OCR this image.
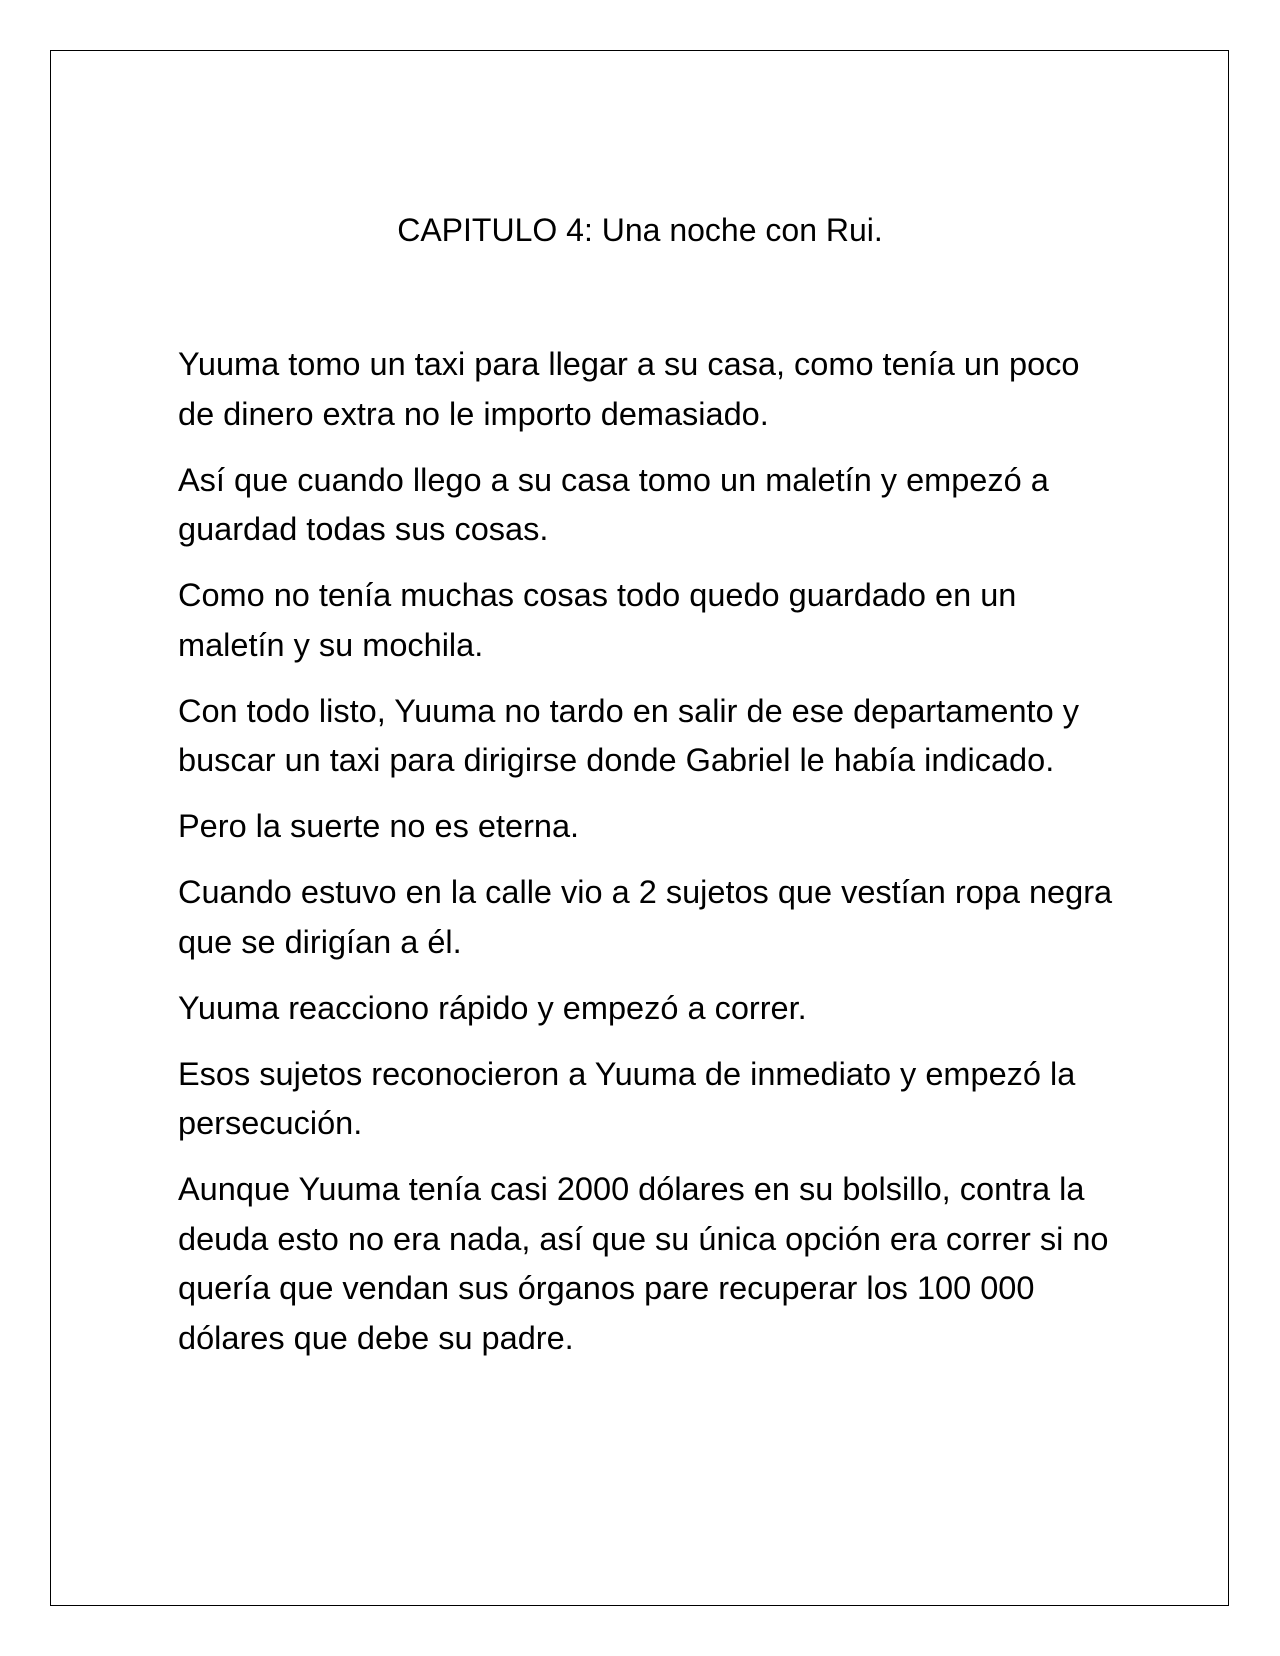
CAPITULO 4: Una noche con Rui.

Yuuma tomo un taxi para llegar a su casa, como tenía un poco de dinero extra no le importo demasiado.

Así que cuando llego a su casa tomo un maletín y empezó a guardad todas sus cosas.

Como no tenía muchas cosas todo quedo guardado en un maletín y su mochila.

Con todo listo, Yuuma no tardo en salir de ese departamento y buscar un taxi para dirigirse donde Gabriel le había indicado.

Pero la suerte no es eterna.

Cuando estuvo en la calle vio a 2 sujetos que vestían ropa negra que se dirigían a él.

Yuuma reacciono rápido y empezó a correr.

Esos sujetos reconocieron a Yuuma de inmediato y empezó la persecución.

Aunque Yuuma tenía casi 2000 dólares en su bolsillo, contra la deuda esto no era nada, así que su única opción era correr si no quería que vendan sus órganos pare recuperar los 100 000 dólares que debe su padre.
